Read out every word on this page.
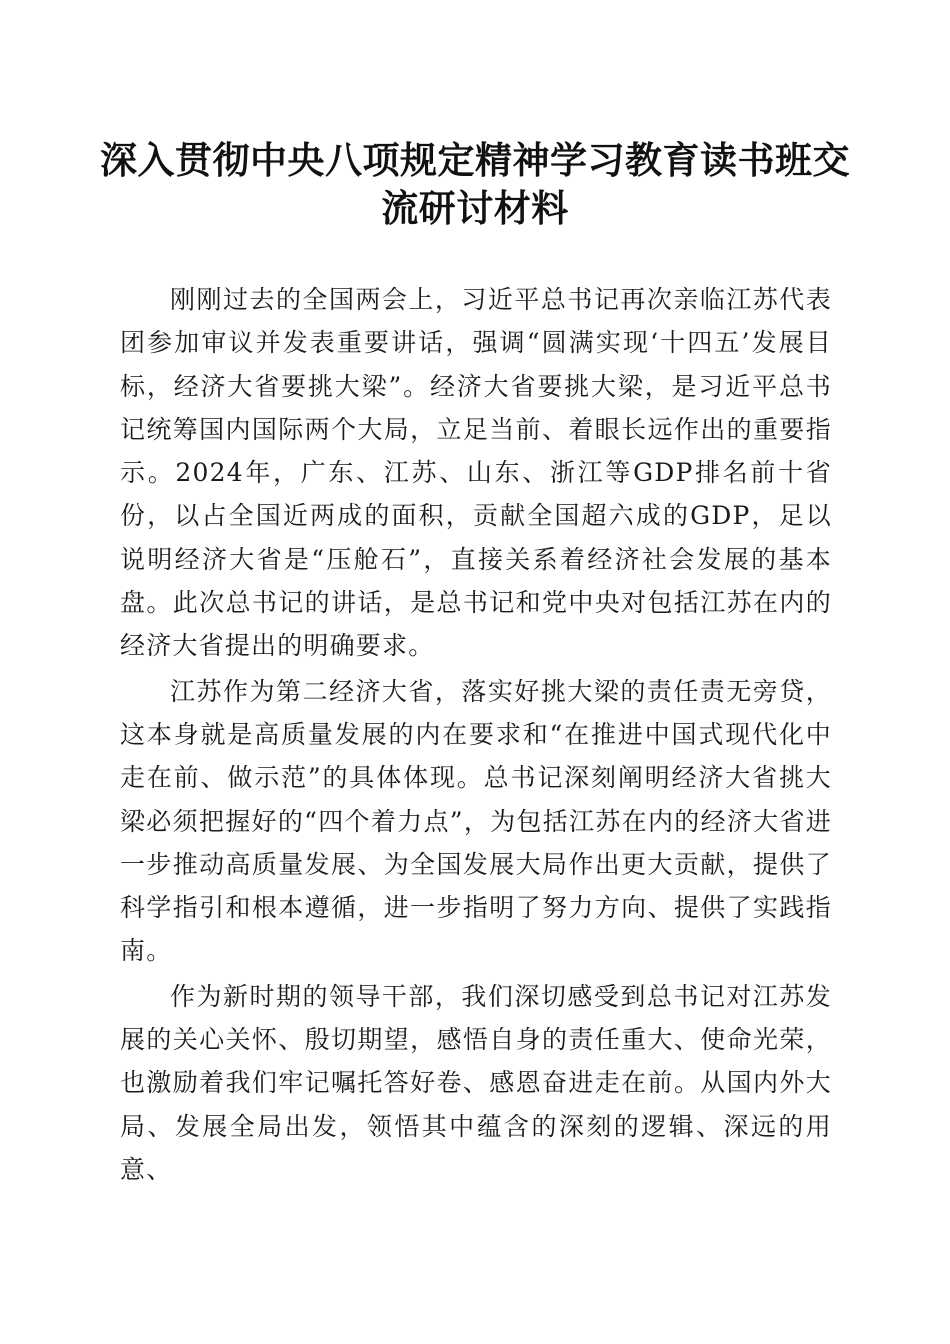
深入贯彻中央八项规定精神学习教育读书班交流研讨材料

刚刚过去的全国两会上，习近平总书记再次亲临江苏代表团参加审议并发表重要讲话，强调“圆满实现‘十四五’发展目标，经济大省要挑大梁”。经济大省要挑大梁，是习近平总书记统筹国内国际两个大局，立足当前、着眼长远作出的重要指示。2024年，广东、江苏、山东、浙江等GDP排名前十省份，以占全国近两成的面积，贡献全国超六成的GDP，足以说明经济大省是“压舱石”，直接关系着经济社会发展的基本盘。此次总书记的讲话，是总书记和党中央对包括江苏在内的经济大省提出的明确要求。

江苏作为第二经济大省，落实好挑大梁的责任责无旁贷，这本身就是高质量发展的内在要求和“在推进中国式现代化中走在前、做示范”的具体体现。总书记深刻阐明经济大省挑大梁必须把握好的“四个着力点”，为包括江苏在内的经济大省进一步推动高质量发展、为全国发展大局作出更大贡献，提供了科学指引和根本遵循，进一步指明了努力方向、提供了实践指南。

作为新时期的领导干部，我们深切感受到总书记对江苏发展的关心关怀、殷切期望，感悟自身的责任重大、使命光荣，也激励着我们牢记嘱托答好卷、感恩奋进走在前。从国内外大局、发展全局出发，领悟其中蕴含的深刻的逻辑、深远的用意、
